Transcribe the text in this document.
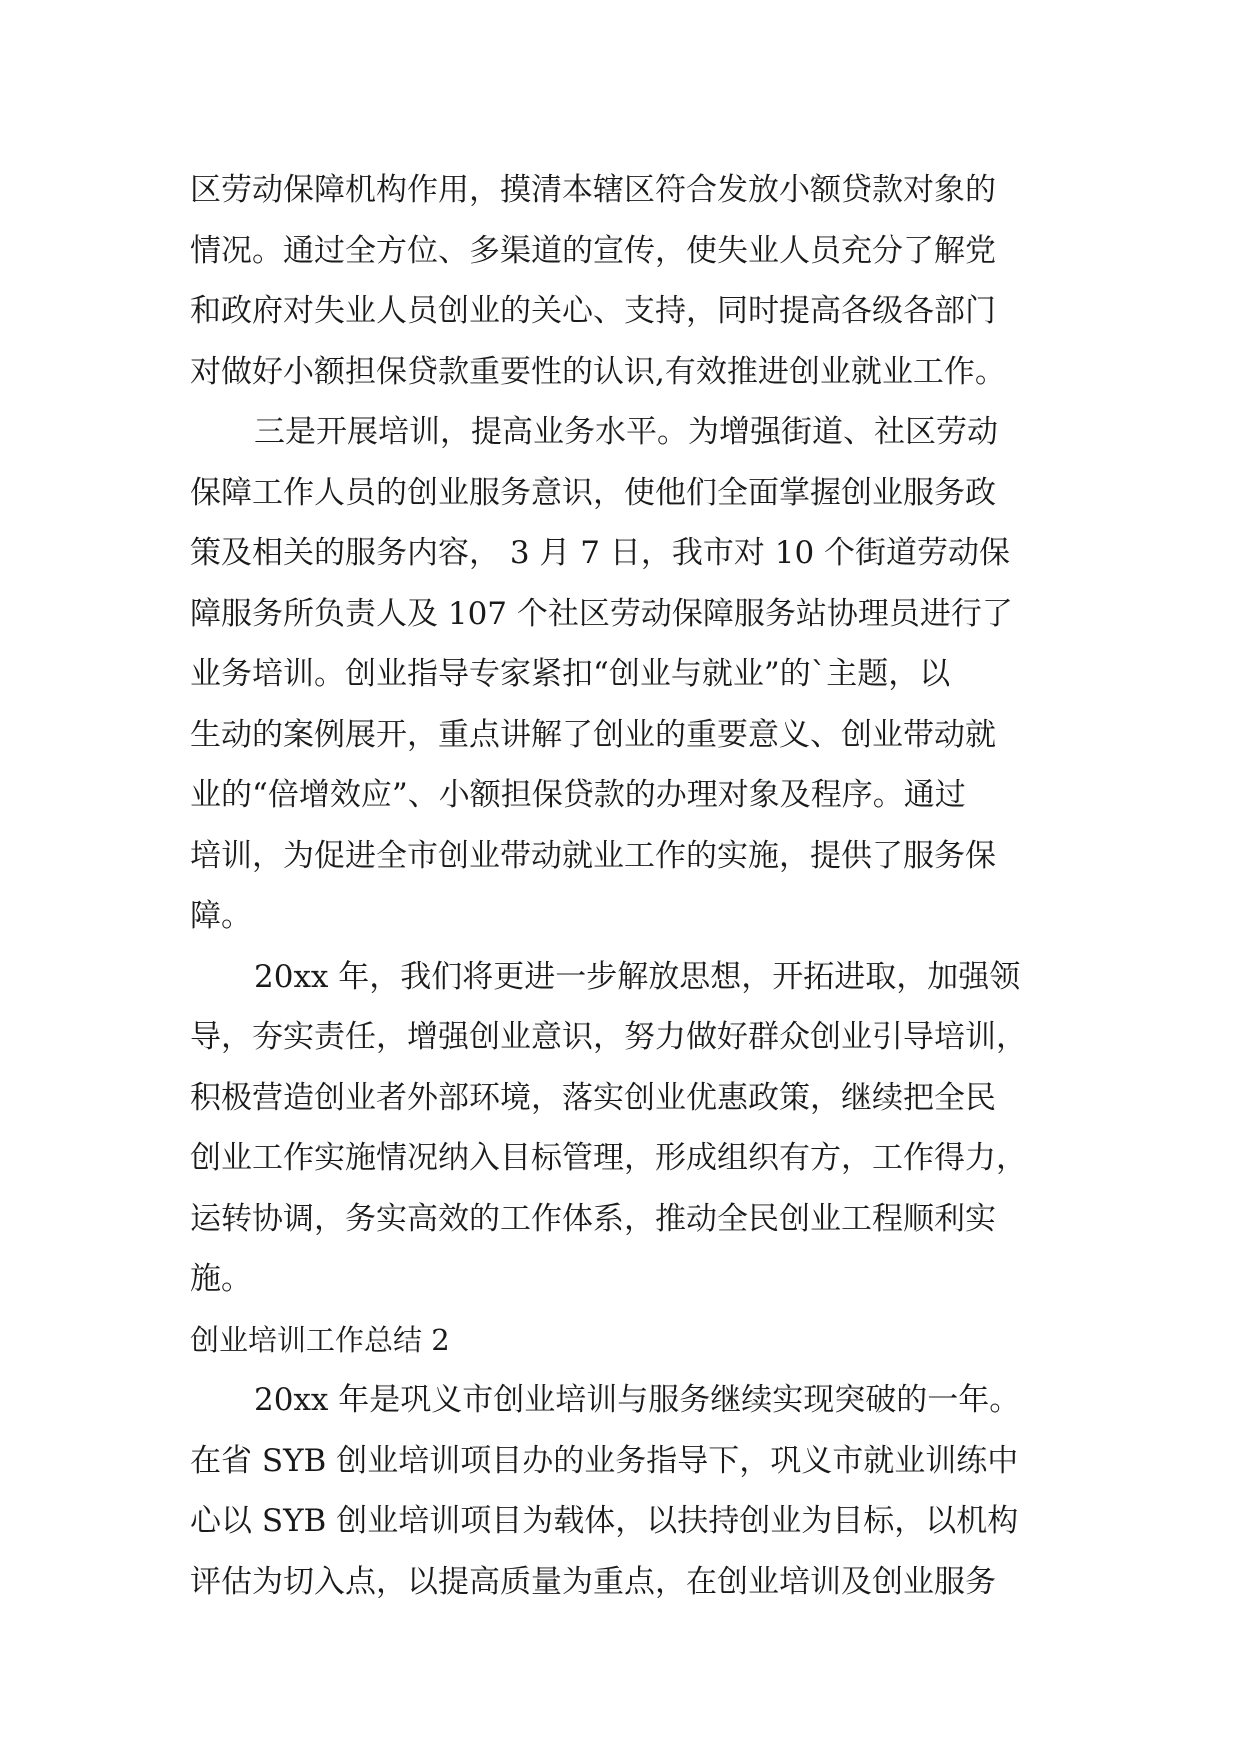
区劳动保障机构作用，摸清本辖区符合发放小额贷款对象的
情况。通过全方位、多渠道的宣传，使失业人员充分了解党
和政府对失业人员创业的关心、支持，同时提高各级各部门
对做好小额担保贷款重要性的认识,有效推进创业就业工作。
三是开展培训，提高业务水平。为增强街道、社区劳动
保障工作人员的创业服务意识，使他们全面掌握创业服务政
策及相关的服务内容， 3 月 7 日，我市对 10 个街道劳动保
障服务所负责人及 107 个社区劳动保障服务站协理员进行了
业务培训。创业指导专家紧扣“创业与就业”的`主题，以
生动的案例展开，重点讲解了创业的重要意义、创业带动就
业的“倍增效应”、小额担保贷款的办理对象及程序。通过
培训，为促进全市创业带动就业工作的实施，提供了服务保
障。
20xx 年，我们将更进一步解放思想，开拓进取，加强领
导，夯实责任，增强创业意识，努力做好群众创业引导培训，
积极营造创业者外部环境，落实创业优惠政策，继续把全民
创业工作实施情况纳入目标管理，形成组织有方，工作得力，
运转协调，务实高效的工作体系，推动全民创业工程顺利实
施。
创业培训工作总结 2
20xx 年是巩义市创业培训与服务继续实现突破的一年。
在省 SYB 创业培训项目办的业务指导下，巩义市就业训练中
心以 SYB 创业培训项目为载体，以扶持创业为目标，以机构
评估为切入点，以提高质量为重点，在创业培训及创业服务
